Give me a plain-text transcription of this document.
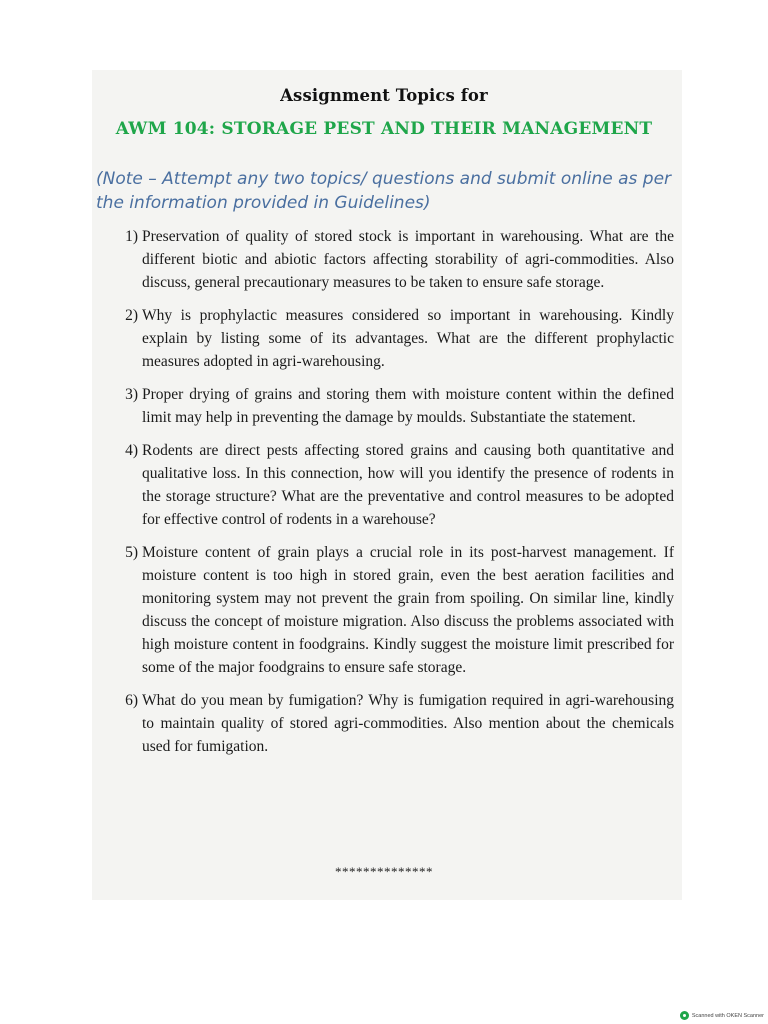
Assignment Topics for
AWM 104: STORAGE PEST AND THEIR MANAGEMENT
(Note – Attempt any two topics/ questions and submit online as per the information provided in Guidelines)
1) Preservation of quality of stored stock is important in warehousing. What are the different biotic and abiotic factors affecting storability of agri-commodities. Also discuss, general precautionary measures to be taken to ensure safe storage.
2) Why is prophylactic measures considered so important in warehousing. Kindly explain by listing some of its advantages. What are the different prophylactic measures adopted in agri-warehousing.
3) Proper drying of grains and storing them with moisture content within the defined limit may help in preventing the damage by moulds. Substantiate the statement.
4) Rodents are direct pests affecting stored grains and causing both quantitative and qualitative loss. In this connection, how will you identify the presence of rodents in the storage structure? What are the preventative and control measures to be adopted for effective control of rodents in a warehouse?
5) Moisture content of grain plays a crucial role in its post-harvest management. If moisture content is too high in stored grain, even the best aeration facilities and monitoring system may not prevent the grain from spoiling. On similar line, kindly discuss the concept of moisture migration. Also discuss the problems associated with high moisture content in foodgrains. Kindly suggest the moisture limit prescribed for some of the major foodgrains to ensure safe storage.
6) What do you mean by fumigation? Why is fumigation required in agri-warehousing to maintain quality of stored agri-commodities. Also mention about the chemicals used for fumigation.
**************
Scanned with OKEN Scanner
